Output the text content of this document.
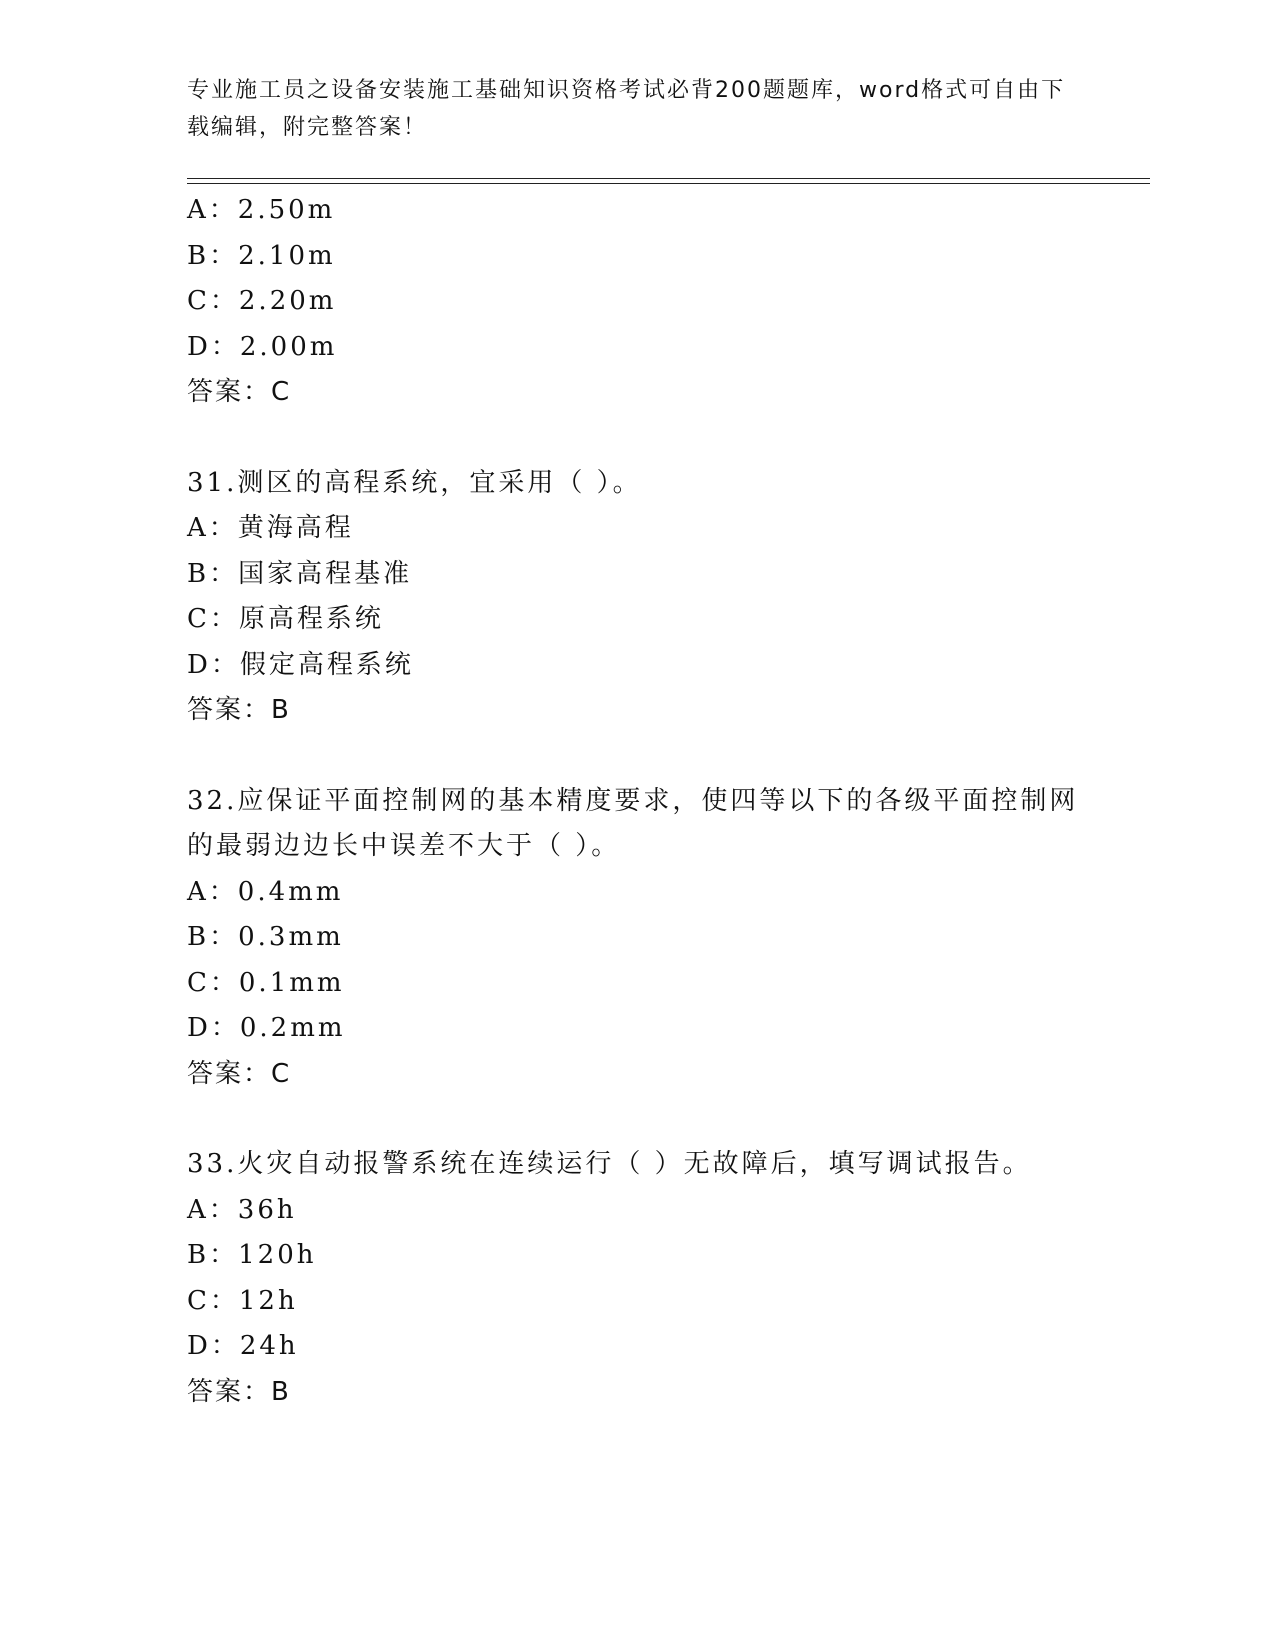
专业施工员之设备安装施工基础知识资格考试必背200题题库，word格式可自由下载编辑，附完整答案！
A：2.50m
B：2.10m
C：2.20m
D：2.00m
答案：C
31.测区的高程系统，宜采用（ ）。
A：黄海高程
B：国家高程基准
C：原高程系统
D：假定高程系统
答案：B
32.应保证平面控制网的基本精度要求，使四等以下的各级平面控制网的最弱边边长中误差不大于（ ）。
A：0.4mm
B：0.3mm
C：0.1mm
D：0.2mm
答案：C
33.火灾自动报警系统在连续运行（ ）无故障后，填写调试报告。
A：36h
B：120h
C：12h
D：24h
答案：B
